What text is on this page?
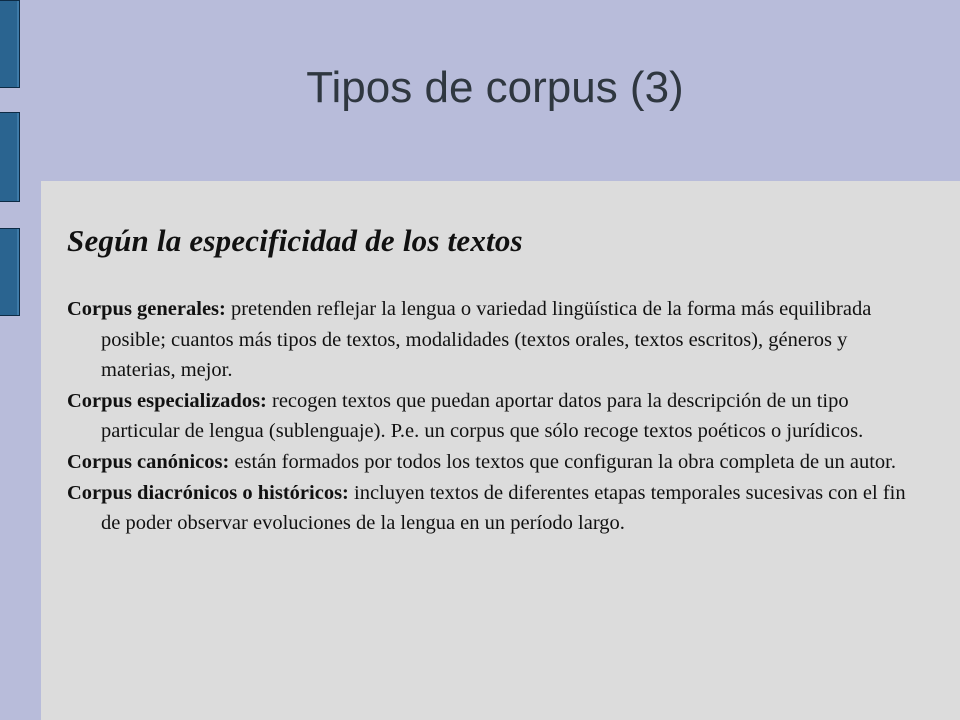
Tipos de corpus (3)
Según la especificidad de los textos
Corpus generales: pretenden reflejar la lengua o variedad lingüística de la forma más equilibrada posible; cuantos más tipos de textos, modalidades (textos orales, textos escritos), géneros y materias, mejor.
Corpus especializados: recogen textos que puedan aportar datos para la descripción de un tipo particular de lengua (sublenguaje). P.e. un corpus que sólo recoge textos poéticos o jurídicos.
Corpus canónicos: están formados por todos los textos que configuran la obra completa de un autor.
Corpus diacrónicos o históricos: incluyen textos de diferentes etapas temporales sucesivas con el fin de poder observar evoluciones de la lengua en un período largo.
